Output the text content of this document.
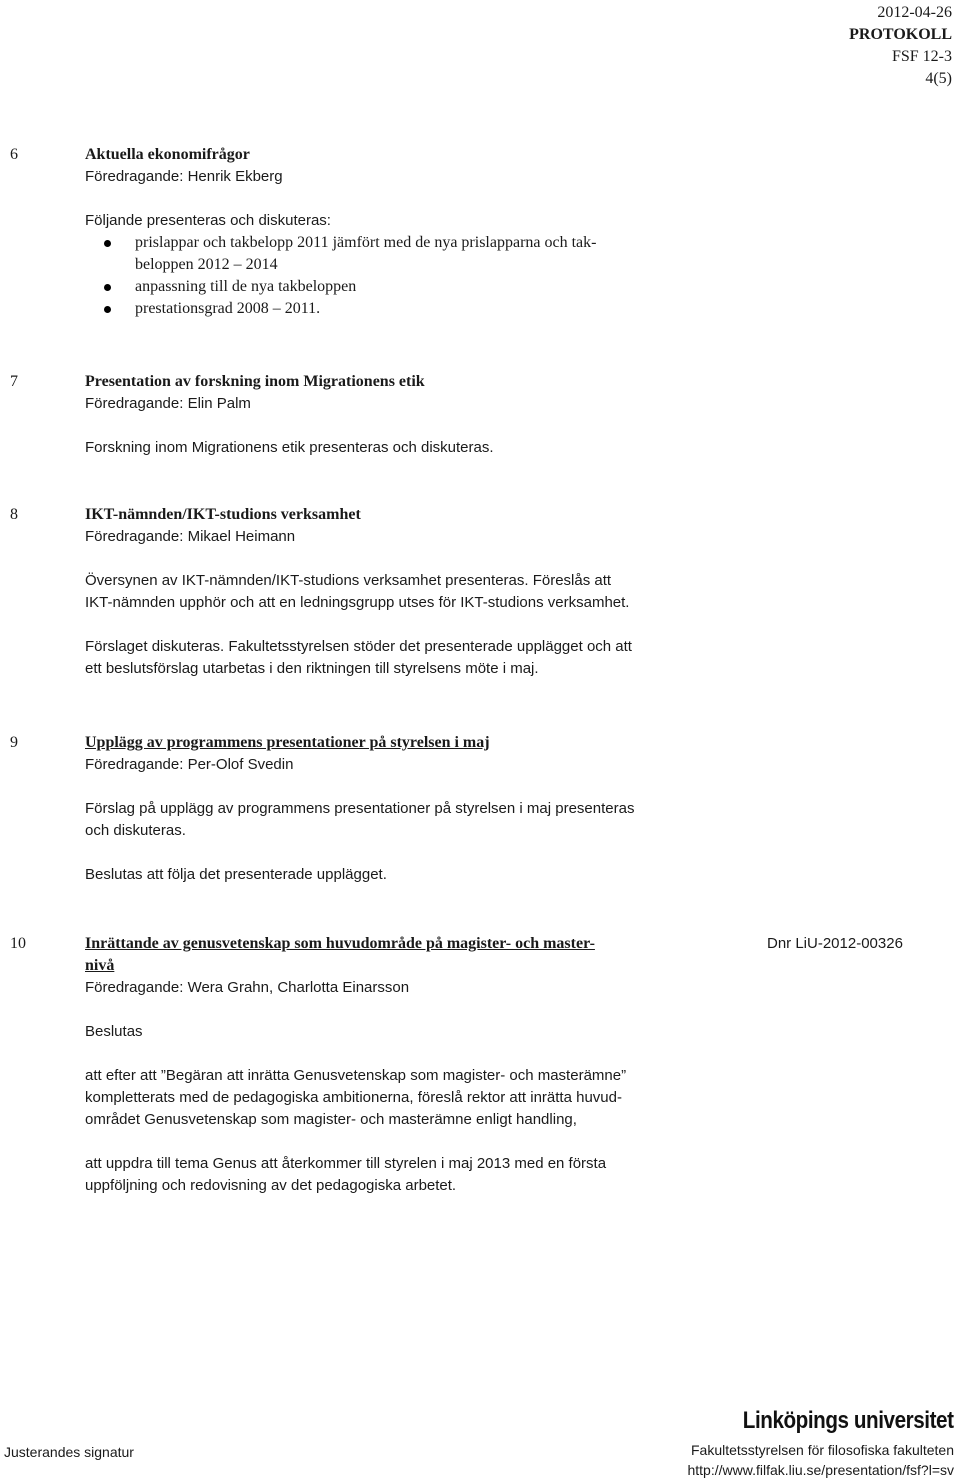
2012-04-26
PROTOKOLL
FSF 12-3
4(5)
6	Aktuella ekonomifrågor
Föredragande: Henrik Ekberg
Följande presenteras och diskuteras:
prislappar och takbelopp 2011 jämfört med de nya prislapparna och tak-
beloppen 2012 – 2014
anpassning till de nya takbeloppen
prestationsgrad 2008 – 2011.
7	Presentation av forskning inom Migrationens etik
Föredragande: Elin Palm
Forskning inom Migrationens etik presenteras och diskuteras.
8	IKT-nämnden/IKT-studions verksamhet
Föredragande: Mikael Heimann
Översynen av IKT-nämnden/IKT-studions verksamhet presenteras. Föreslås att
IKT-nämnden upphör och att en ledningsgrupp utses för IKT-studions verksamhet.
Förslaget diskuteras. Fakultetsstyrelsen stöder det presenterade upplägget och att
ett beslutsförslag utarbetas i den riktningen till styrelsens möte i maj.
9	Upplägg av programmens presentationer på styrelsen i maj
Föredragande: Per-Olof Svedin
Förslag på upplägg av programmens presentationer på styrelsen i maj presenteras
och diskuteras.
Beslutas att följa det presenterade upplägget.
10	Inrättande av genusvetenskap som huvudområde på magister- och master-
nivå
Föredragande: Wera Grahn, Charlotta Einarsson
Beslutas
att efter att ”Begäran att inrätta Genusvetenskap som magister- och masterämne”
kompletterats med de pedagogiska ambitionerna, föreslå rektor att inrätta huvud-
området Genusvetenskap som magister- och masterämne enligt handling,
att uppdra till tema Genus att återkommer till styrelen i maj 2013 med en första
uppföljning och redovisning av det pedagogiska arbetet.
Dnr LiU-2012-00326
Justerandes signatur
Linköpings universitet
Fakultetsstyrelsen för filosofiska fakulteten
http://www.filfak.liu.se/presentation/fsf?l=sv
